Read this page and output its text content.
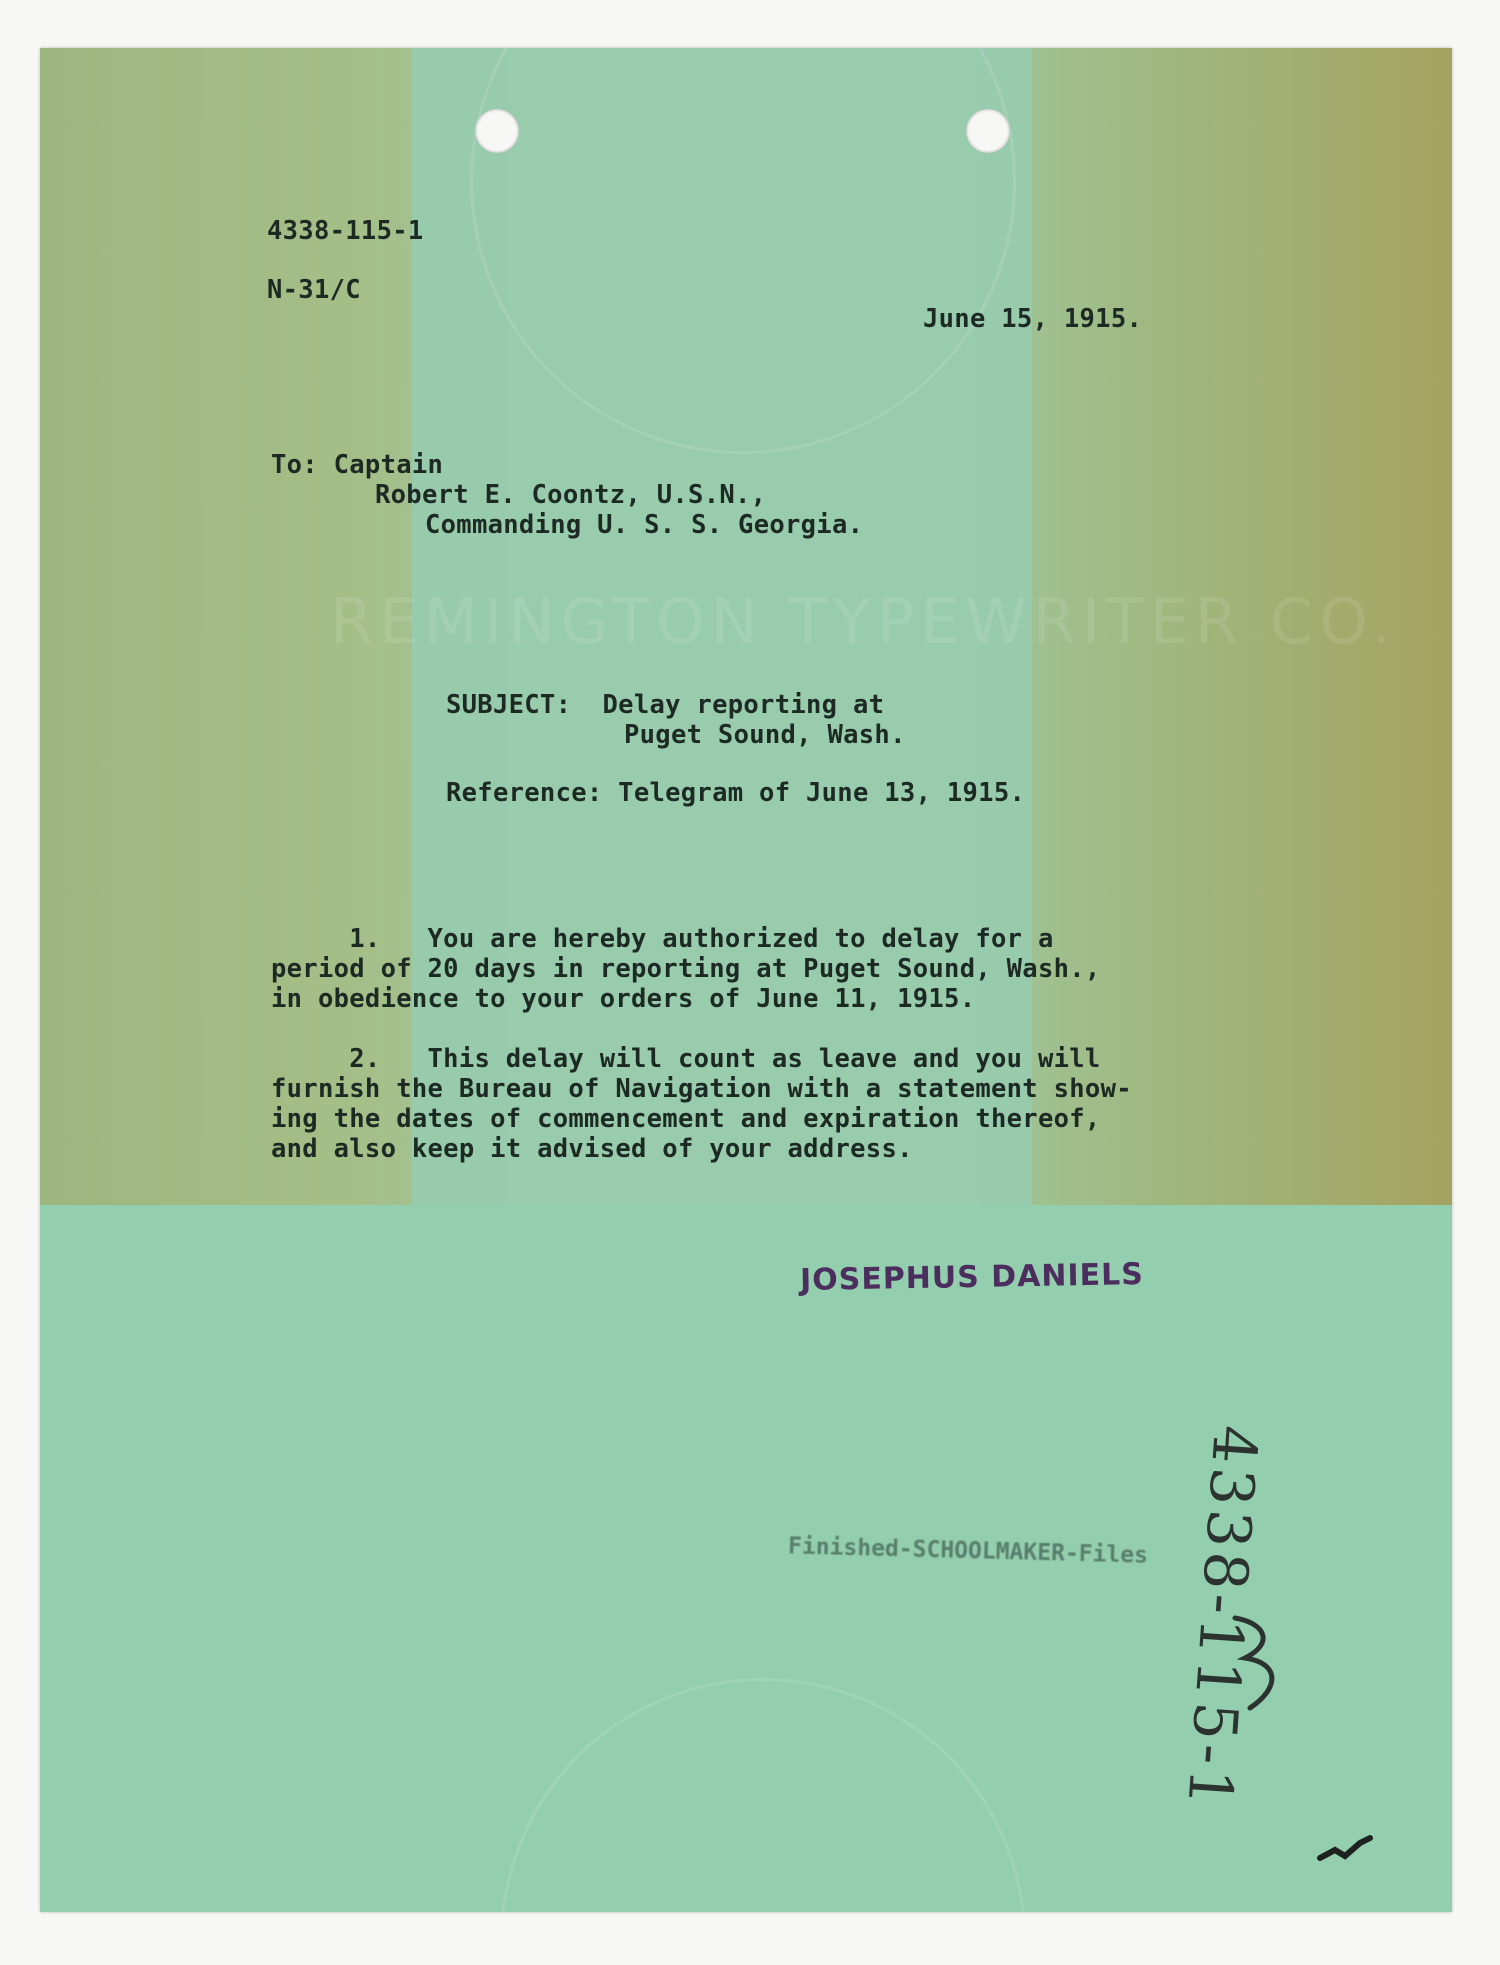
REMINGTON TYPEWRITER CO.
4338-115-1
N-31/C
June 15, 1915.
To: Captain
Robert E. Coontz, U.S.N.,
Commanding U. S. S. Georgia.
SUBJECT:  Delay reporting at
Puget Sound, Wash.
Reference: Telegram of June 13, 1915.
1.   You are hereby authorized to delay for a
period of 20 days in reporting at Puget Sound, Wash.,
in obedience to your orders of June 11, 1915.
2.   This delay will count as leave and you will
furnish the Bureau of Navigation with a statement show-
ing the dates of commencement and expiration thereof,
and also keep it advised of your address.
JOSEPHUS DANIELS
Finished-SCHOOLMAKER-Files 4338-115-1
